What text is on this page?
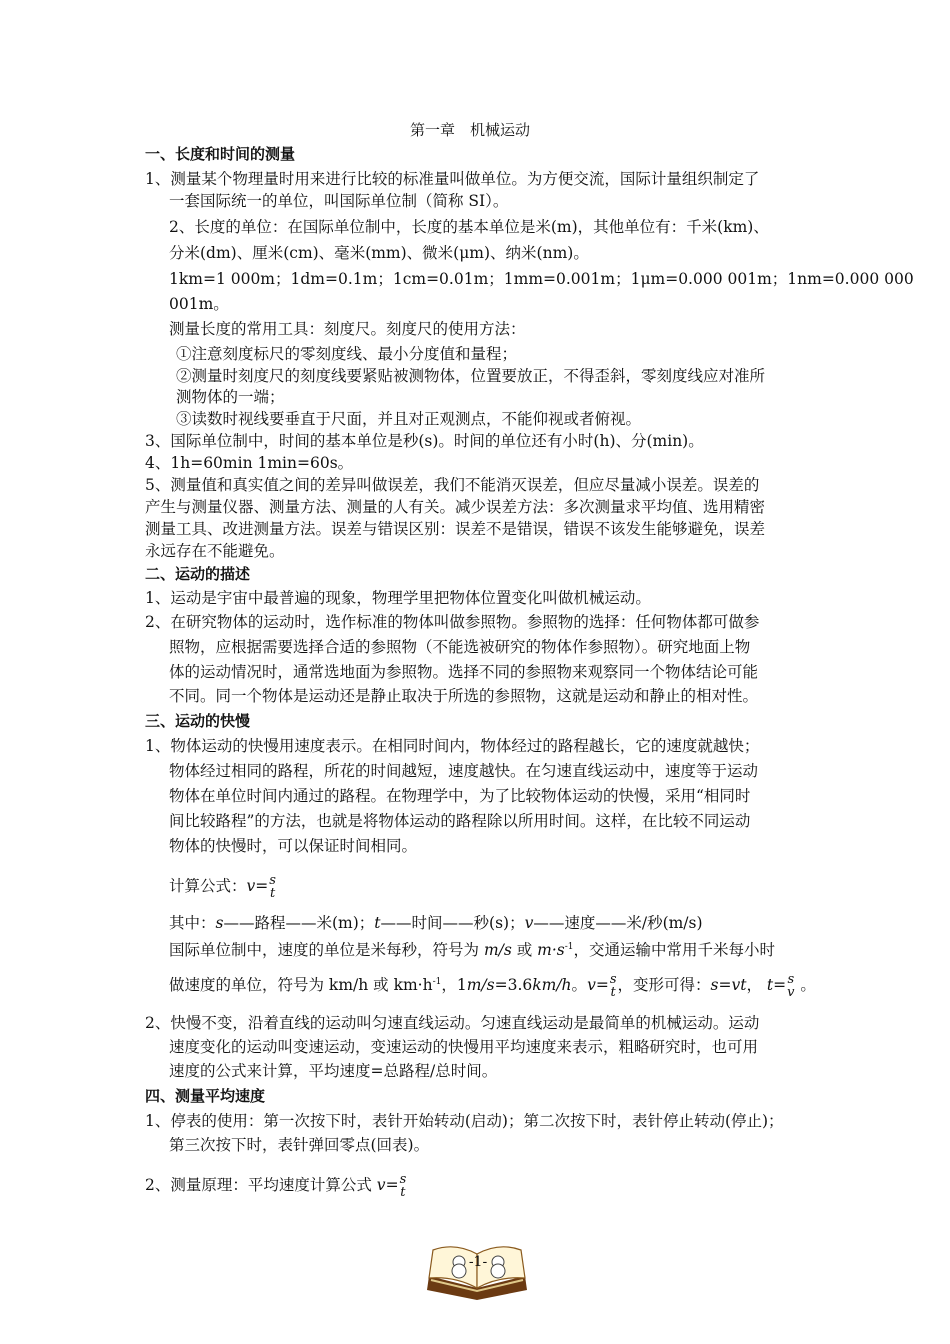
第一章　机械运动
一、长度和时间的测量
1、测量某个物理量时用来进行比较的标准量叫做单位。为方便交流，国际计量组织制定了
一套国际统一的单位，叫国际单位制（简称 SI）。
2、长度的单位：在国际单位制中，长度的基本单位是米(m)，其他单位有：千米(km)、
分米(dm)、厘米(cm)、毫米(mm)、微米(μm)、纳米(nm)。
1km=1 000m；1dm=0.1m；1cm=0.01m；1mm=0.001m；1μm=0.000 001m；1nm=0.000 000
001m。
测量长度的常用工具：刻度尺。刻度尺的使用方法：
①注意刻度标尺的零刻度线、最小分度值和量程；
②测量时刻度尺的刻度线要紧贴被测物体，位置要放正，不得歪斜，零刻度线应对准所
测物体的一端；
③读数时视线要垂直于尺面，并且对正观测点，不能仰视或者俯视。
3、国际单位制中，时间的基本单位是秒(s)。时间的单位还有小时(h)、分(min)。
4、1h=60min 1min=60s。
5、测量值和真实值之间的差异叫做误差，我们不能消灭误差，但应尽量减小误差。误差的
产生与测量仪器、测量方法、测量的人有关。减少误差方法：多次测量求平均值、选用精密
测量工具、改进测量方法。误差与错误区别：误差不是错误，错误不该发生能够避免，误差
永远存在不能避免。
二、运动的描述
1、运动是宇宙中最普遍的现象，物理学里把物体位置变化叫做机械运动。
2、在研究物体的运动时，选作标准的物体叫做参照物。参照物的选择：任何物体都可做参
照物，应根据需要选择合适的参照物（不能选被研究的物体作参照物）。研究地面上物
体的运动情况时，通常选地面为参照物。选择不同的参照物来观察同一个物体结论可能
不同。同一个物体是运动还是静止取决于所选的参照物，这就是运动和静止的相对性。
三、运动的快慢
1、物体运动的快慢用速度表示。在相同时间内，物体经过的路程越长，它的速度就越快；
物体经过相同的路程，所花的时间越短，速度越快。在匀速直线运动中，速度等于运动
物体在单位时间内通过的路程。在物理学中，为了比较物体运动的快慢，采用“相同时
间比较路程”的方法，也就是将物体运动的路程除以所用时间。这样，在比较不同运动
物体的快慢时，可以保证时间相同。
计算公式：v= s
t
其中：s——路程——米(m)；t——时间——秒(s)；v——速度——米/秒(m/s)
国际单位制中，速度的单位是米每秒，符号为 m/s 或 $m\cdot s^{-1}$，交通运输中常用千米每小时
做速度的单位，符号为 km/h 或 $km\cdot h^{-1}$，1m/s=3.6km/h。v= s
t ，变形可得：s=vt， t= s
v 。
2、快慢不变，沿着直线的运动叫匀速直线运动。匀速直线运动是最简单的机械运动。运动
速度变化的运动叫变速运动，变速运动的快慢用平均速度来表示，粗略研究时，也可用
速度的公式来计算，平均速度=总路程/总时间。
四、测量平均速度
1、停表的使用：第一次按下时，表针开始转动(启动)；第二次按下时，表针停止转动(停止)；
第三次按下时，表针弹回零点(回表)。
2、测量原理：平均速度计算公式 v= s
t
-1-
